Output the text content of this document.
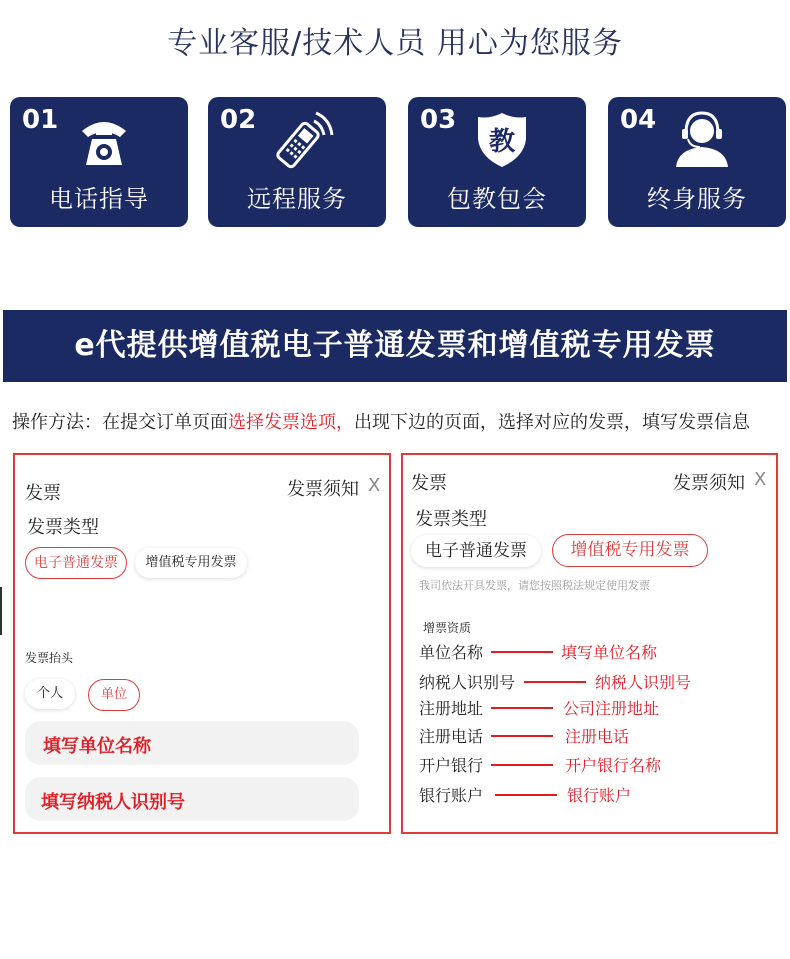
专业客服/技术人员 用心为您服务
01
电话指导
02
远程服务
03
教
包教包会
04
终身服务
e代提供增值税电子普通发票和增值税专用发票
操作方法：在提交订单页面选择发票选项，出现下边的页面，选择对应的发票，填写发票信息
发票	发票须知 X
发票类型
电子普通发票	增值税专用发票
发票抬头
个人	单位
填写单位名称
填写纳税人识别号
发票	发票须知 X
发票类型
电子普通发票	增值税专用发票
我司依法开具发票，请您按照税法规定使用发票
增票资质
单位名称	填写单位名称
纳税人识别号	纳税人识别号
注册地址	公司注册地址
注册电话	注册电话
开户银行	开户银行名称
银行账户	银行账户
